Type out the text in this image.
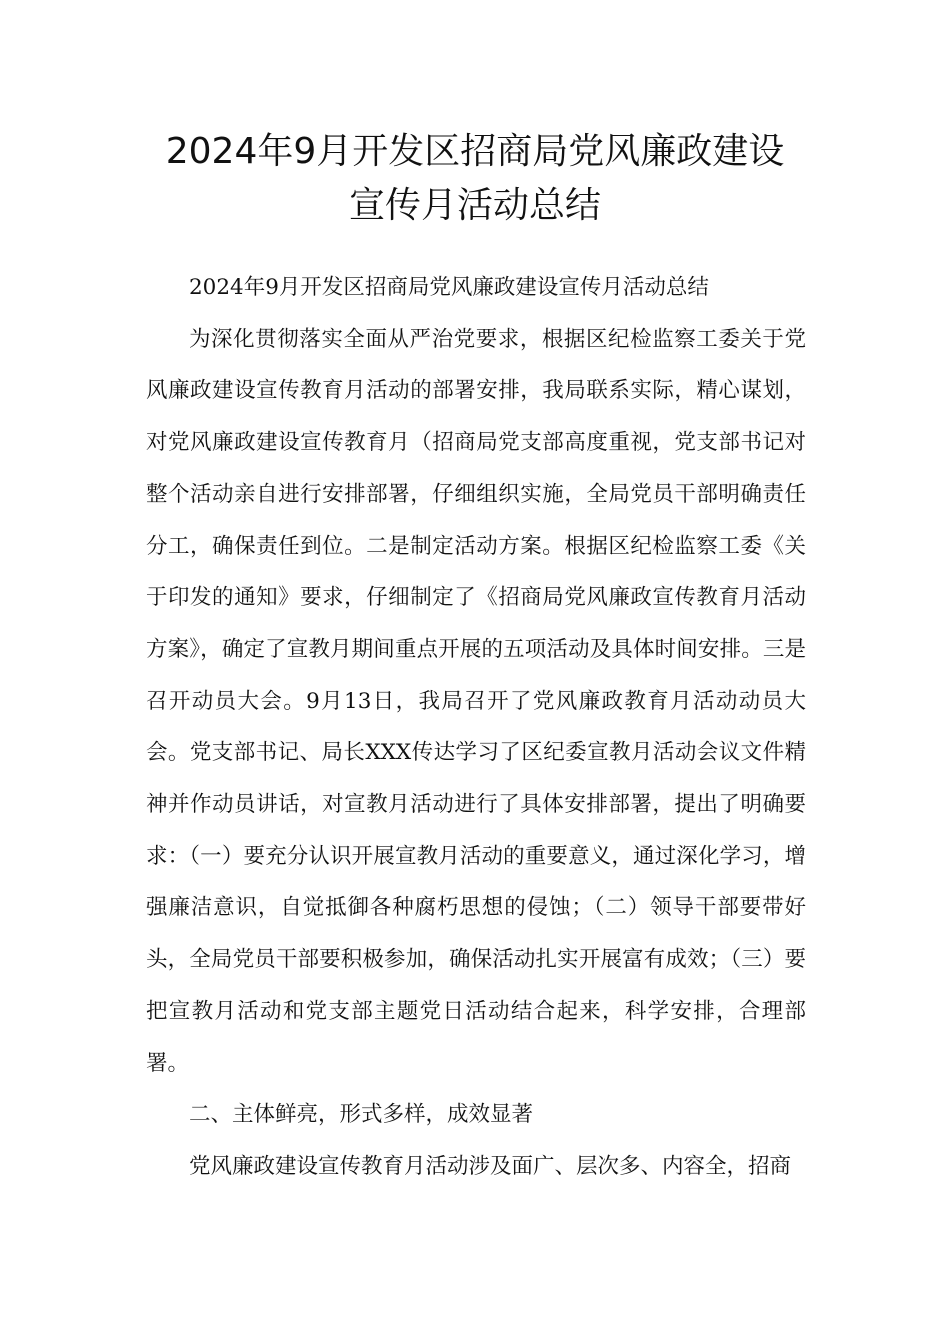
2024年9月开发区招商局党风廉政建设
宣传月活动总结

2024年9月开发区招商局党风廉政建设宣传月活动总结

为深化贯彻落实全面从严治党要求，根据区纪检监察工委关于党风廉政建设宣传教育月活动的部署安排，我局联系实际，精心谋划，对党风廉政建设宣传教育月（招商局党支部高度重视，党支部书记对整个活动亲自进行安排部署，仔细组织实施，全局党员干部明确责任分工，确保责任到位。二是制定活动方案。根据区纪检监察工委《关于印发的通知》要求，仔细制定了《招商局党风廉政宣传教育月活动方案》，确定了宣教月期间重点开展的五项活动及具体时间安排。三是召开动员大会。9月13日，我局召开了党风廉政教育月活动动员大会。党支部书记、局长XXX传达学习了区纪委宣教月活动会议文件精神并作动员讲话，对宣教月活动进行了具体安排部署，提出了明确要求：（一）要充分认识开展宣教月活动的重要意义，通过深化学习，增强廉洁意识，自觉抵御各种腐朽思想的侵蚀；（二）领导干部要带好头，全局党员干部要积极参加，确保活动扎实开展富有成效；（三）要把宣教月活动和党支部主题党日活动结合起来，科学安排，合理部署。

二、主体鲜亮，形式多样，成效显著

党风廉政建设宣传教育月活动涉及面广、层次多、内容全，招商
